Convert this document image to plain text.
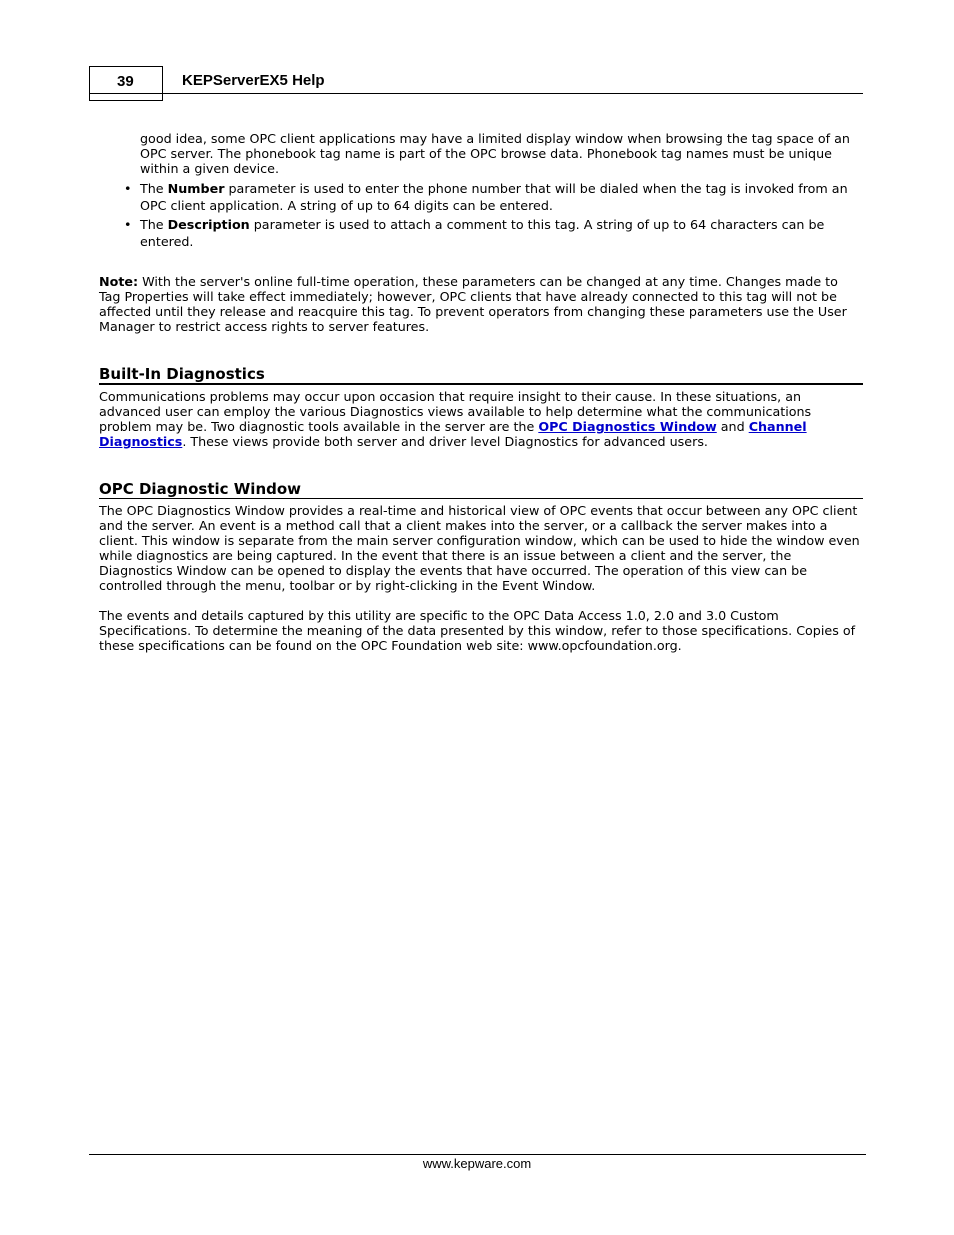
39	KEPServerEX5 Help

good idea, some OPC client applications may have a limited display window when browsing the tag space of an OPC server. The phonebook tag name is part of the OPC browse data. Phonebook tag names must be unique within a given device.

• The Number parameter is used to enter the phone number that will be dialed when the tag is invoked from an OPC client application. A string of up to 64 digits can be entered.
• The Description parameter is used to attach a comment to this tag. A string of up to 64 characters can be entered.

Note: With the server's online full-time operation, these parameters can be changed at any time. Changes made to Tag Properties will take effect immediately; however, OPC clients that have already connected to this tag will not be affected until they release and reacquire this tag. To prevent operators from changing these parameters use the User Manager to restrict access rights to server features.

Built-In Diagnostics

Communications problems may occur upon occasion that require insight to their cause. In these situations, an advanced user can employ the various Diagnostics views available to help determine what the communications problem may be. Two diagnostic tools available in the server are the OPC Diagnostics Window and Channel Diagnostics. These views provide both server and driver level Diagnostics for advanced users.

OPC Diagnostic Window

The OPC Diagnostics Window provides a real-time and historical view of OPC events that occur between any OPC client and the server. An event is a method call that a client makes into the server, or a callback the server makes into a client. This window is separate from the main server configuration window, which can be used to hide the window even while diagnostics are being captured. In the event that there is an issue between a client and the server, the Diagnostics Window can be opened to display the events that have occurred. The operation of this view can be controlled through the menu, toolbar or by right-clicking in the Event Window.

The events and details captured by this utility are specific to the OPC Data Access 1.0, 2.0 and 3.0 Custom Specifications. To determine the meaning of the data presented by this window, refer to those specifications. Copies of these specifications can be found on the OPC Foundation web site: www.opcfoundation.org.

www.kepware.com
